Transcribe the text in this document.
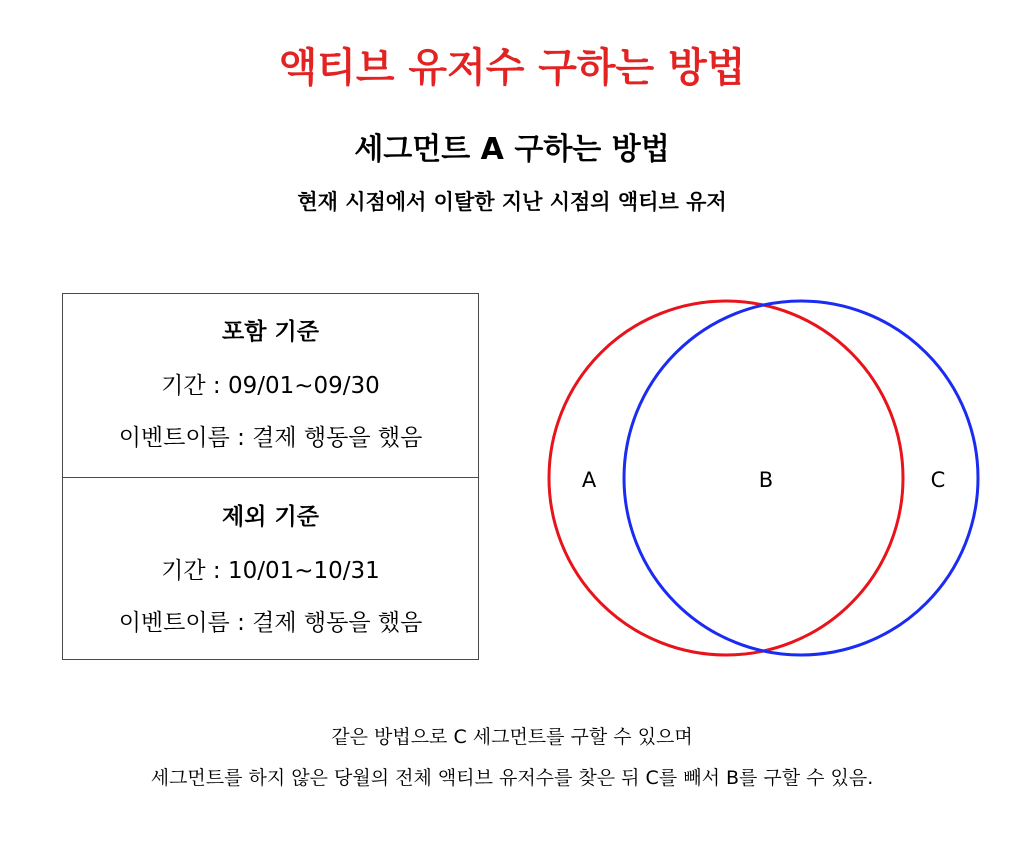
액티브 유저수 구하는 방법
세그먼트 A 구하는 방법
현재 시점에서 이탈한 지난 시점의 액티브 유저
포함 기준
기간 : 09/01~09/30
이벤트이름 : 결제 행동을 했음
제외 기준
기간 : 10/01~10/31
이벤트이름 : 결제 행동을 했음
A	B	C
같은 방법으로 C 세그먼트를 구할 수 있으며
세그먼트를 하지 않은 당월의 전체 액티브 유저수를 찾은 뒤 C를 빼서 B를 구할 수 있음.
